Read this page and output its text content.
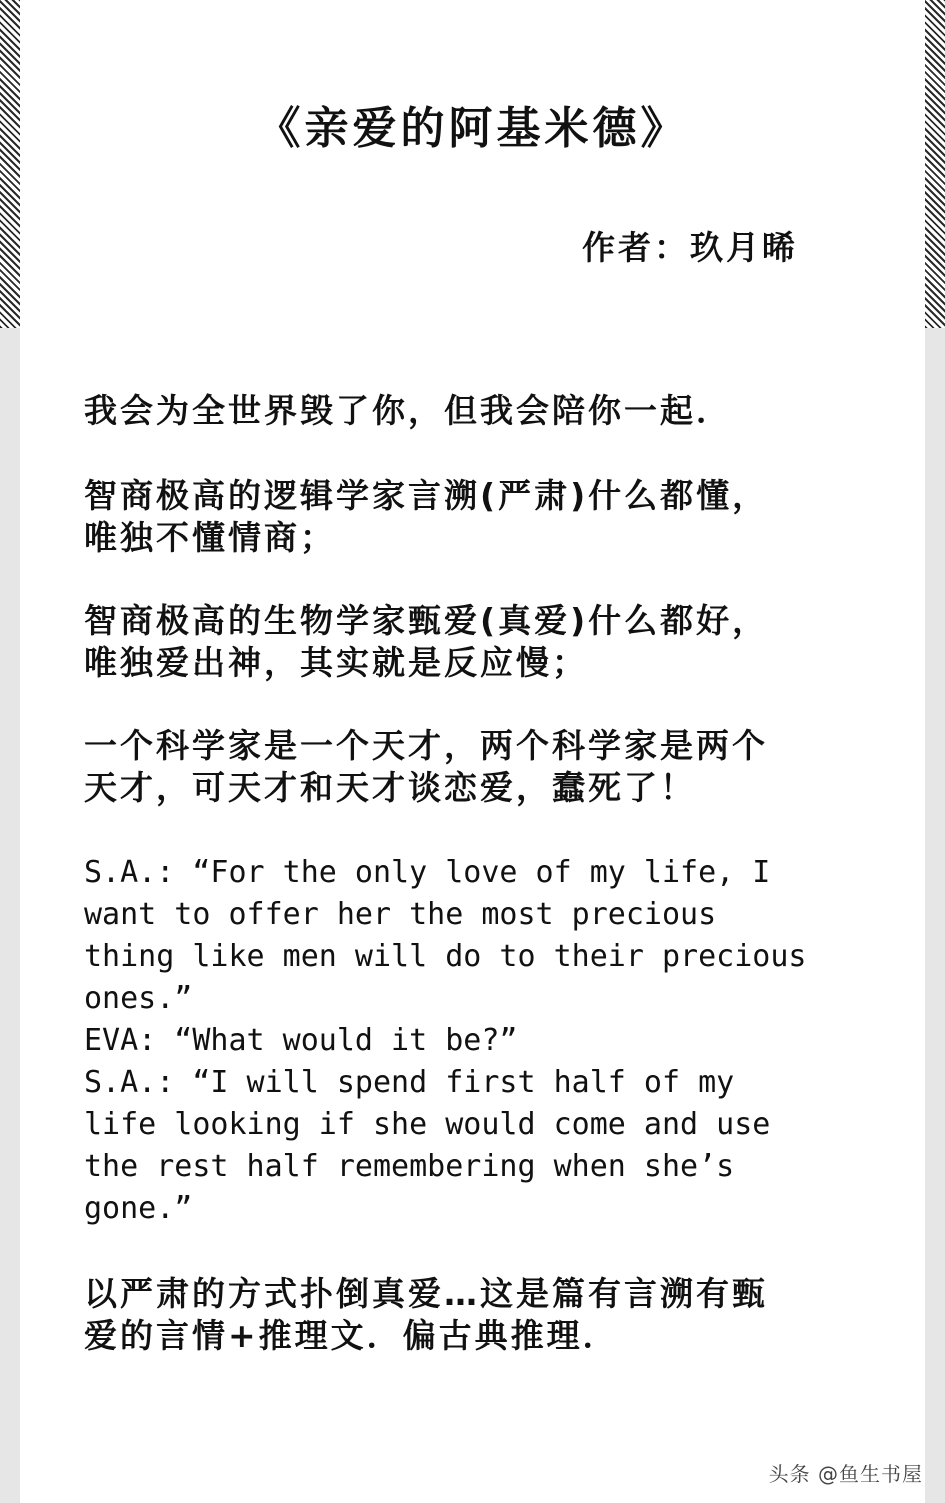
《亲爱的阿基米德》
作者：玖月晞

我会为全世界毁了你，但我会陪你一起．

智商极高的逻辑学家言溯(严肃)什么都懂，

唯独不懂情商；

智商极高的生物学家甄爱(真爱)什么都好，

唯独爱出神，其实就是反应慢；

一个科学家是一个天才，两个科学家是两个

天才，可天才和天才谈恋爱，蠢死了！

S.A.: “For the only love of my life, I

want to offer her the most precious

thing like men will do to their precious

ones.”

EVA: “What would it be?”

S.A.: “I will spend first half of my

life looking if she would come and use

the rest half remembering when she’s

gone.”

以严肃的方式扑倒真爱…这是篇有言溯有甄

爱的言情+推理文．偏古典推理．

头条 @鱼生书屋
